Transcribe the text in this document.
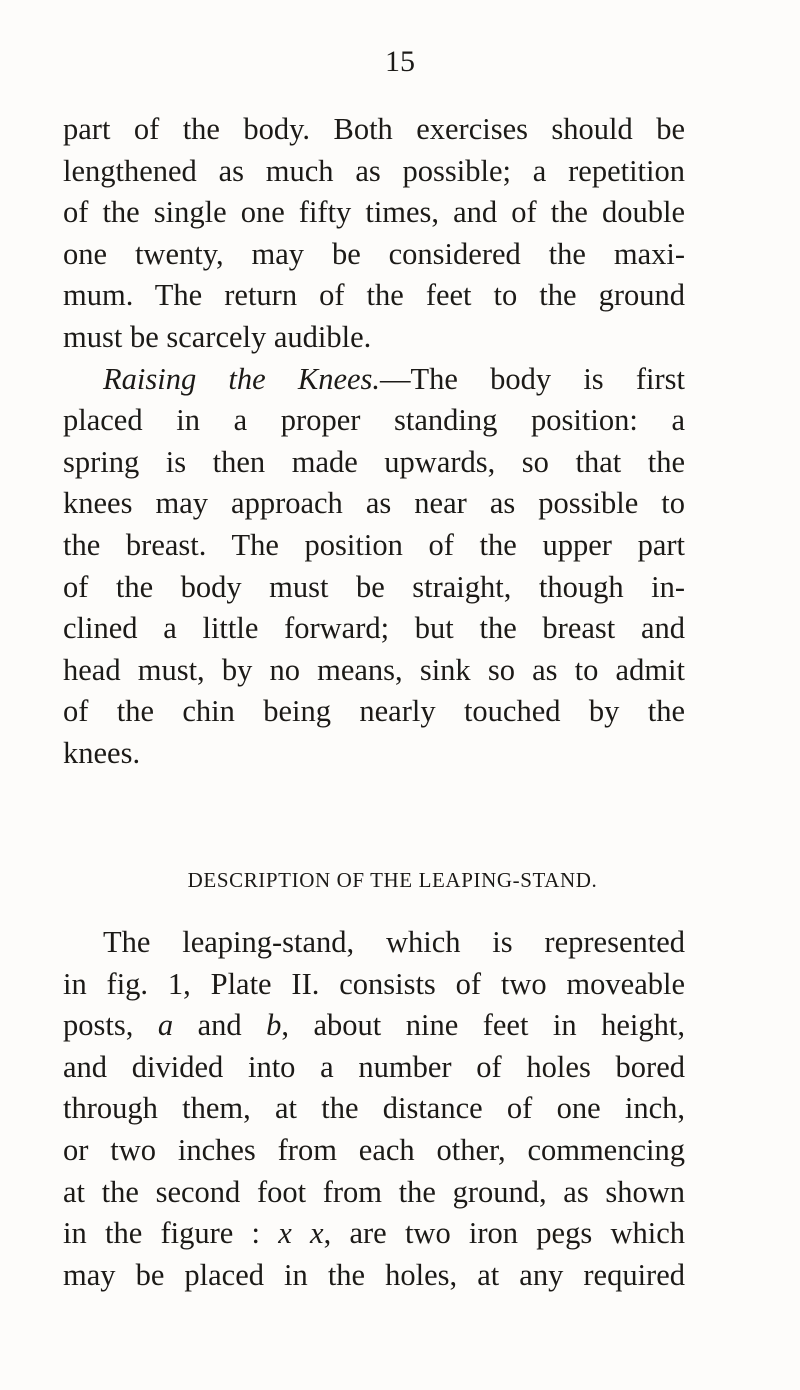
15
part of the body. Both exercises should be
lengthened as much as possible; a repetition
of the single one fifty times, and of the double
one twenty, may be considered the maxi-
mum. The return of the feet to the ground
must be scarcely audible.
Raising the Knees.—The body is first
placed in a proper standing position: a
spring is then made upwards, so that the
knees may approach as near as possible to
the breast. The position of the upper part
of the body must be straight, though in-
clined a little forward; but the breast and
head must, by no means, sink so as to admit
of the chin being nearly touched by the
knees.
DESCRIPTION OF THE LEAPING-STAND.
The leaping-stand, which is represented
in fig. 1, Plate II. consists of two moveable
posts, a and b, about nine feet in height,
and divided into a number of holes bored
through them, at the distance of one inch,
or two inches from each other, commencing
at the second foot from the ground, as shown
in the figure : x x, are two iron pegs which
may be placed in the holes, at any required
